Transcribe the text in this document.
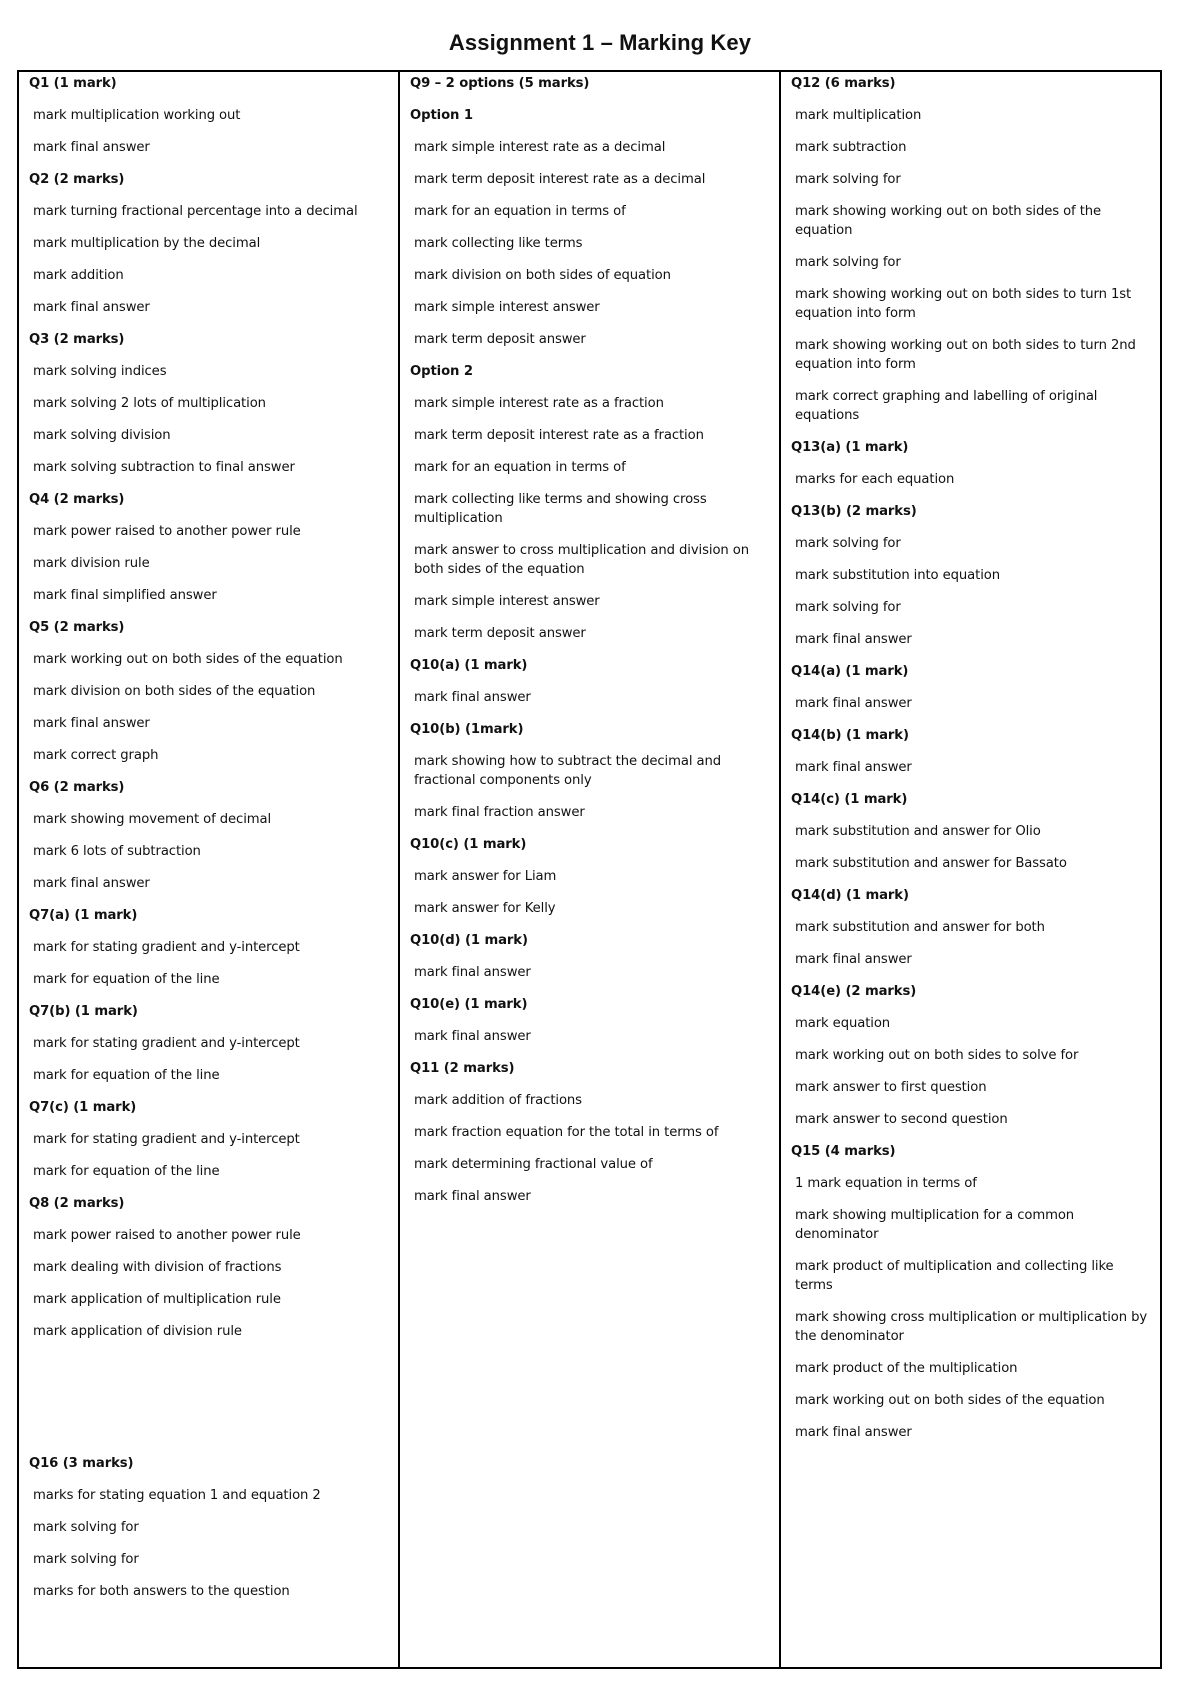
Assignment 1 – Marking Key
Q1 (1 mark)
mark multiplication working out
mark final answer
Q2 (2 marks)
mark turning fractional percentage into a decimal
mark multiplication by the decimal
mark addition
mark final answer
Q3 (2 marks)
mark solving indices
mark solving 2 lots of multiplication
mark solving division
mark solving subtraction to final answer
Q4 (2 marks)
mark power raised to another power rule
mark division rule
mark final simplified answer
Q5 (2 marks)
mark working out on both sides of the equation
mark division on both sides of the equation
mark final answer
mark correct graph
Q6 (2 marks)
mark showing movement of decimal
mark 6 lots of subtraction
mark final answer
Q7(a) (1 mark)
mark for stating gradient and y-intercept
mark for equation of the line
Q7(b) (1 mark)
mark for stating gradient and y-intercept
mark for equation of the line
Q7(c) (1 mark)
mark for stating gradient and y-intercept
mark for equation of the line
Q8 (2 marks)
mark power raised to another power rule
mark dealing with division of fractions
mark application of multiplication rule
mark application of division rule
Q16 (3 marks)
marks for stating equation 1 and equation 2
mark solving for
mark solving for
marks for both answers to the question
Q9 – 2 options (5 marks)
Option 1
mark simple interest rate as a decimal
mark term deposit interest rate as a decimal
mark for an equation in terms of
mark collecting like terms
mark division on both sides of equation
mark simple interest answer
mark term deposit answer
Option 2
mark simple interest rate as a fraction
mark term deposit interest rate as a fraction
mark for an equation in terms of
mark collecting like terms and showing cross multiplication
mark answer to cross multiplication and division on both sides of the equation
mark simple interest answer
mark term deposit answer
Q10(a) (1 mark)
mark final answer
Q10(b) (1mark)
mark showing how to subtract the decimal and fractional components only
mark final fraction answer
Q10(c) (1 mark)
mark answer for Liam
mark answer for Kelly
Q10(d) (1 mark)
mark final answer
Q10(e) (1 mark)
mark final answer
Q11 (2 marks)
mark addition of fractions
mark fraction equation for the total in terms of
mark determining fractional value of
mark final answer
Q12 (6 marks)
mark multiplication
mark subtraction
mark solving for
mark showing working out on both sides of the equation
mark solving for
mark showing working out on both sides to turn 1st equation into form
mark showing working out on both sides to turn 2nd equation into form
mark correct graphing and labelling of original equations
Q13(a) (1 mark)
marks for each equation
Q13(b) (2 marks)
mark solving for
mark substitution into equation
mark solving for
mark final answer
Q14(a) (1 mark)
mark final answer
Q14(b) (1 mark)
mark final answer
Q14(c) (1 mark)
mark substitution and answer for Olio
mark substitution and answer for Bassato
Q14(d) (1 mark)
mark substitution and answer for both
mark final answer
Q14(e) (2 marks)
mark equation
mark working out on both sides to solve for
mark answer to first question
mark answer to second question
Q15 (4 marks)
1 mark equation in terms of
mark showing multiplication for a common denominator
mark product of multiplication and collecting like terms
mark showing cross multiplication or multiplication by the denominator
mark product of the multiplication
mark working out on both sides of the equation
mark final answer
